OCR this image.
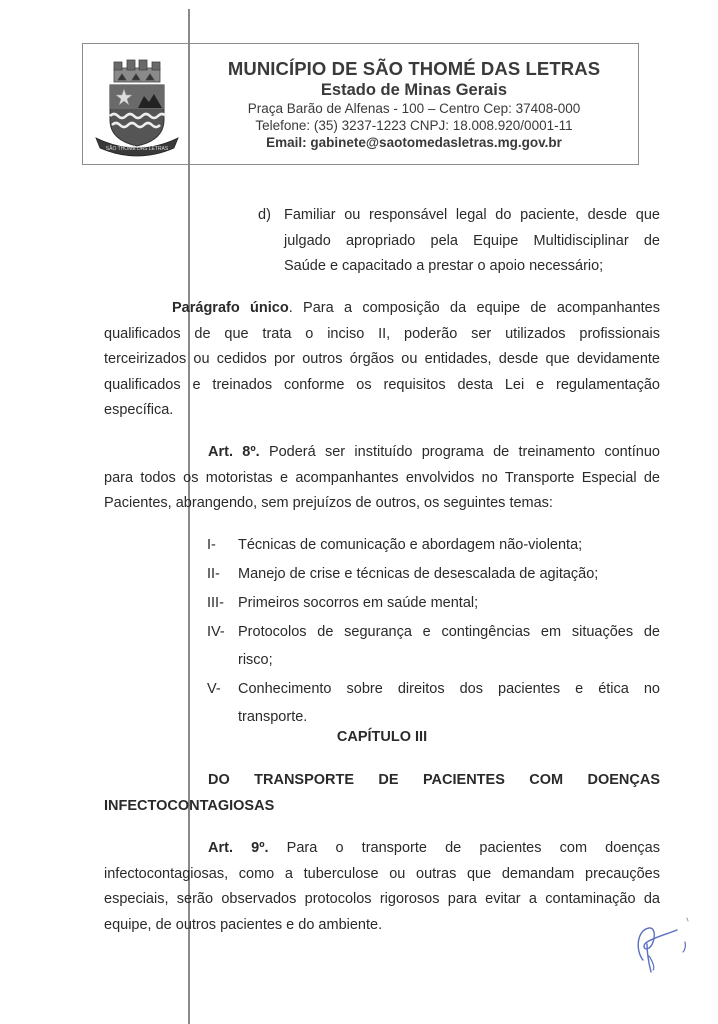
SÃO THOMÉ DAS LETRAS
MUNICÍPIO DE SÃO THOMÉ DAS LETRAS
Estado de Minas Gerais
Praça Barão de Alfenas - 100 – Centro Cep: 37408-000
Telefone: (35) 3237-1223 CNPJ: 18.008.920/0001-11
Email: gabinete@saotomedasletras.mg.gov.br
d) Familiar ou responsável legal do paciente, desde que
julgado apropriado pela Equipe Multidisciplinar de
Saúde e capacitado a prestar o apoio necessário;
Parágrafo único. Para a composição da equipe de acompanhantes
qualificados de que trata o inciso II, poderão ser utilizados profissionais
terceirizados ou cedidos por outros órgãos ou entidades, desde que devidamente
qualificados e treinados conforme os requisitos desta Lei e regulamentação
específica.
Art. 8º. Poderá ser instituído programa de treinamento contínuo
para todos os motoristas e acompanhantes envolvidos no Transporte Especial de
Pacientes, abrangendo, sem prejuízos de outros, os seguintes temas:
I- Técnicas de comunicação e abordagem não-violenta;
II- Manejo de crise e técnicas de desescalada de agitação;
III- Primeiros socorros em saúde mental;
IV- Protocolos de segurança e contingências em situações de
risco;
V- Conhecimento sobre direitos dos pacientes e ética no
transporte.
CAPÍTULO III
DO TRANSPORTE DE PACIENTES COM DOENÇAS
INFECTOCONTAGIOSAS
Art. 9º. Para o transporte de pacientes com doenças
infectocontagiosas, como a tuberculose ou outras que demandam precauções
especiais, serão observados protocolos rigorosos para evitar a contaminação da
equipe, de outros pacientes e do ambiente.
